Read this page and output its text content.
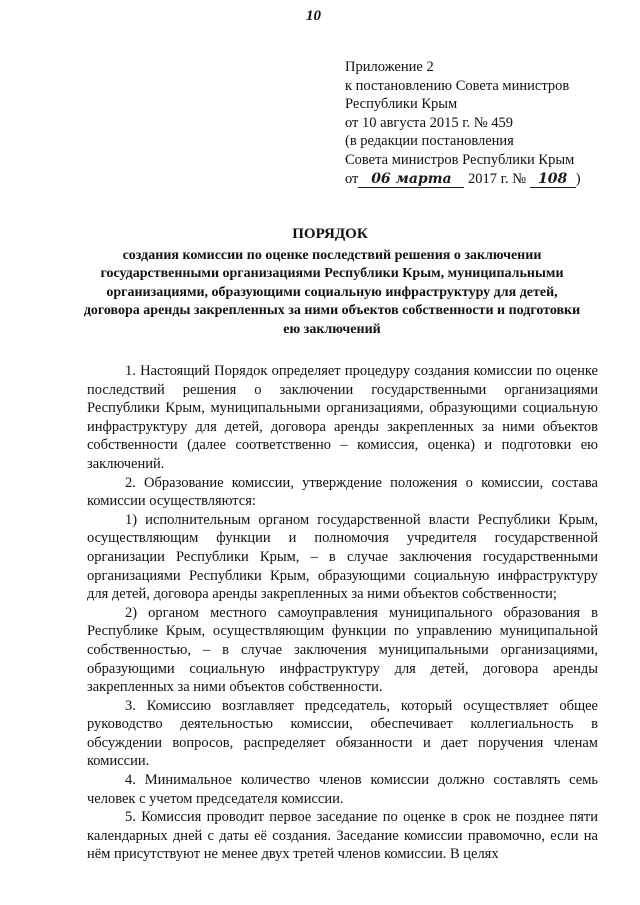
10
Приложение 2
к постановлению Совета министров
Республики Крым
от 10 августа 2015 г. № 459
(в редакции постановления
Совета министров Республики Крым
от 06 марта 2017 г. № 108 )
ПОРЯДОК
создания комиссии по оценке последствий решения о заключении государственными организациями Республики Крым, муниципальными организациями, образующими социальную инфраструктуру для детей, договора аренды закрепленных за ними объектов собственности и подготовки ею заключений

1. Настоящий Порядок определяет процедуру создания комиссии по оценке последствий решения о заключении государственными организациями Республики Крым, муниципальными организациями, образующими социальную инфраструктуру для детей, договора аренды закрепленных за ними объектов собственности (далее соответственно – комиссия, оценка) и подготовки ею заключений.

2. Образование комиссии, утверждение положения о комиссии, состава комиссии осуществляются:

1) исполнительным органом государственной власти Республики Крым, осуществляющим функции и полномочия учредителя государственной организации Республики Крым, – в случае заключения государственными организациями Республики Крым, образующими социальную инфраструктуру для детей, договора аренды закрепленных за ними объектов собственности;

2) органом местного самоуправления муниципального образования в Республике Крым, осуществляющим функции по управлению муниципальной собственностью, – в случае заключения муниципальными организациями, образующими социальную инфраструктуру для детей, договора аренды закрепленных за ними объектов собственности.

3. Комиссию возглавляет председатель, который осуществляет общее руководство деятельностью комиссии, обеспечивает коллегиальность в обсуждении вопросов, распределяет обязанности и дает поручения членам комиссии.

4. Минимальное количество членов комиссии должно составлять семь человек с учетом председателя комиссии.

5. Комиссия проводит первое заседание по оценке в срок не позднее пяти календарных дней с даты её создания. Заседание комиссии правомочно, если на нём присутствуют не менее двух третей членов комиссии. В целях
